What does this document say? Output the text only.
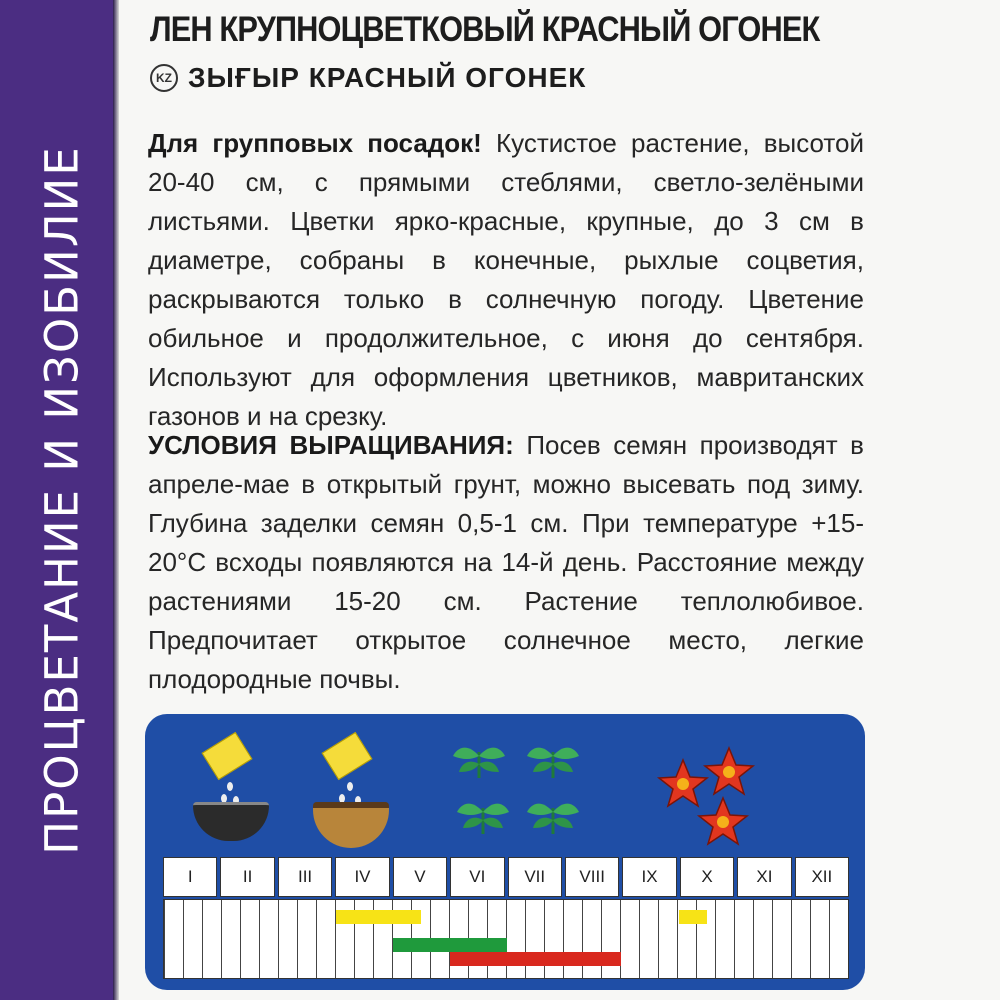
ПРОЦВЕТАНИЕ И ИЗОБИЛИЕ
ЛЕН КРУПНОЦВЕТКОВЫЙ КРАСНЫЙ ОГОНЕК
KZ ЗЫҒЫР КРАСНЫЙ ОГОНЕК
Для групповых посадок! Кустистое растение, высотой 20-40 см, с прямыми стеблями, светло-зелёными листьями. Цветки ярко-красные, крупные, до 3 см в диаметре, собраны в конечные, рыхлые соцветия, раскрываются только в солнечную погоду. Цветение обильное и продолжительное, с июня до сентября. Используют для оформления цветников, мавританских газонов и на срезку.
УСЛОВИЯ ВЫРАЩИВАНИЯ: Посев семян производят в апреле-мае в открытый грунт, можно высевать под зиму. Глубина заделки семян 0,5-1 см. При температуре +15-20°С всходы появляются на 14-й день. Расстояние между растениями 15-20 см. Растение теплолюбивое. Предпочитает открытое солнечное место, легкие плодородные почвы.
I	II	III	IV	V	VI	VII	VIII	IX	X	XI	XII
